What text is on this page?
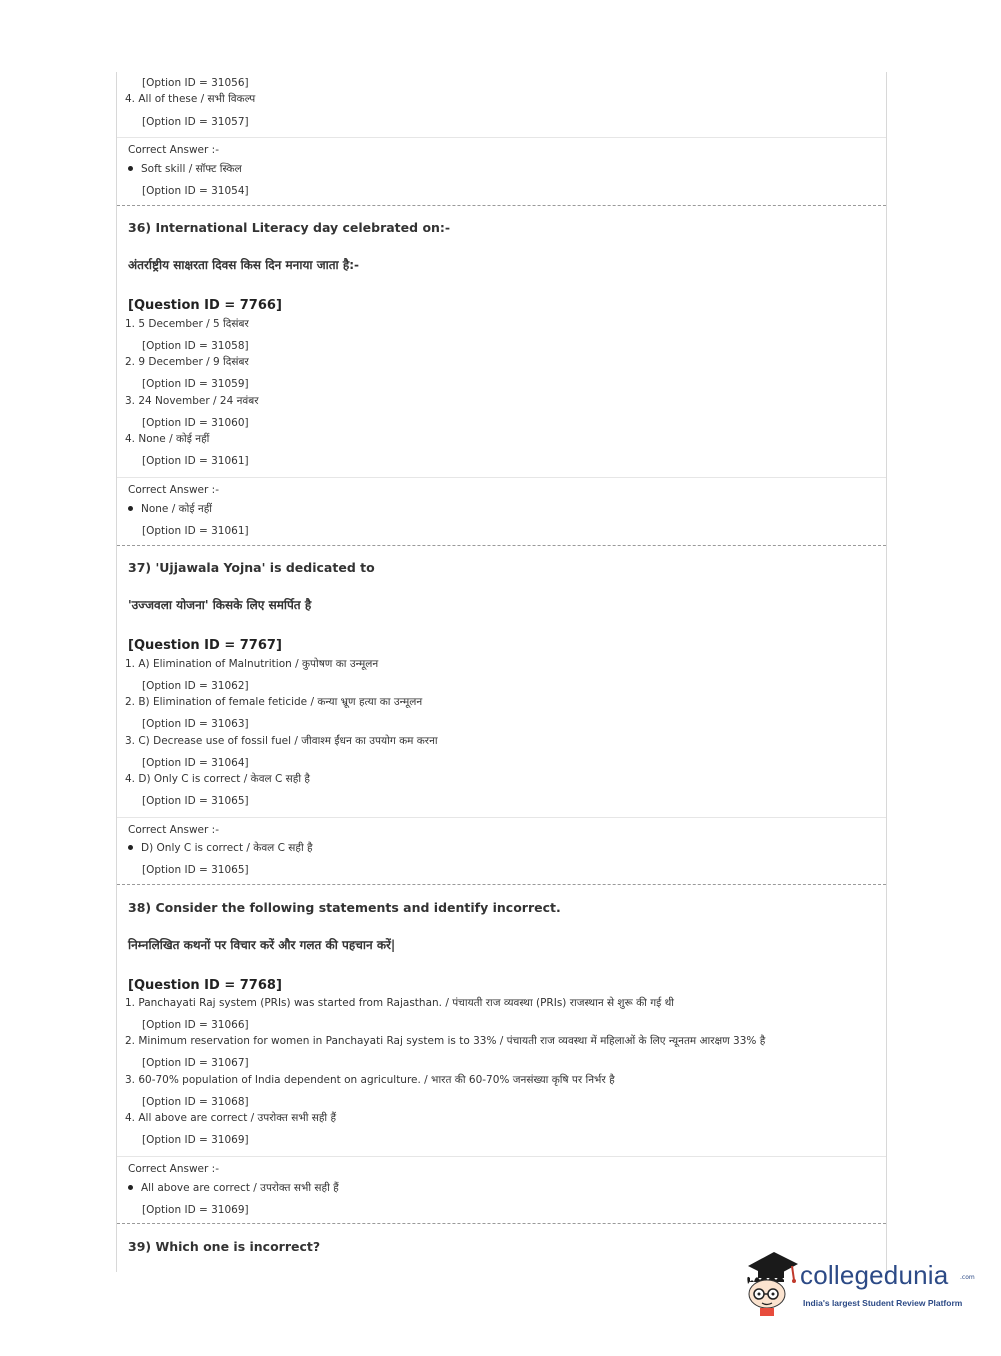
[Option ID = 31056]
4. All of these / सभी विकल्प
[Option ID = 31057]
Correct Answer :-
Soft skill / सॉफ्ट स्किल
[Option ID = 31054]
36) International Literacy day celebrated on:-
अंतर्राष्ट्रीय साक्षरता दिवस किस दिन मनाया जाता है:-
[Question ID = 7766]
1. 5 December / 5 दिसंबर
[Option ID = 31058]
2. 9 December / 9 दिसंबर
[Option ID = 31059]
3. 24 November / 24 नवंबर
[Option ID = 31060]
4. None / कोई नहीं
[Option ID = 31061]
Correct Answer :-
None / कोई नहीं
[Option ID = 31061]
37) 'Ujjawala Yojna' is dedicated to
'उज्जवला योजना' किसके लिए समर्पित है
[Question ID = 7767]
1. A) Elimination of Malnutrition / कुपोषण का उन्मूलन
[Option ID = 31062]
2. B) Elimination of female feticide / कन्या भ्रूण हत्या का उन्मूलन
[Option ID = 31063]
3. C) Decrease use of fossil fuel / जीवाश्म ईंधन का उपयोग कम करना
[Option ID = 31064]
4. D) Only C is correct / केवल C सही है
[Option ID = 31065]
Correct Answer :-
D) Only C is correct / केवल C सही है
[Option ID = 31065]
38) Consider the following statements and identify incorrect.
निम्नलिखित कथनों पर विचार करें और गलत की पहचान करें|
[Question ID = 7768]
1. Panchayati Raj system (PRIs) was started from Rajasthan. / पंचायती राज व्यवस्था (PRIs) राजस्थान से शुरू की गई थी
[Option ID = 31066]
2. Minimum reservation for women in Panchayati Raj system is to 33% / पंचायती राज व्यवस्था में महिलाओं के लिए न्यूनतम आरक्षण 33% है
[Option ID = 31067]
3. 60-70% population of India dependent on agriculture. / भारत की 60-70% जनसंख्या कृषि पर निर्भर है
[Option ID = 31068]
4. All above are correct / उपरोक्त सभी सही हैं
[Option ID = 31069]
Correct Answer :-
All above are correct / उपरोक्त सभी सही हैं
[Option ID = 31069]
39) Which one is incorrect?
collegedunia .com
India's largest Student Review Platform
